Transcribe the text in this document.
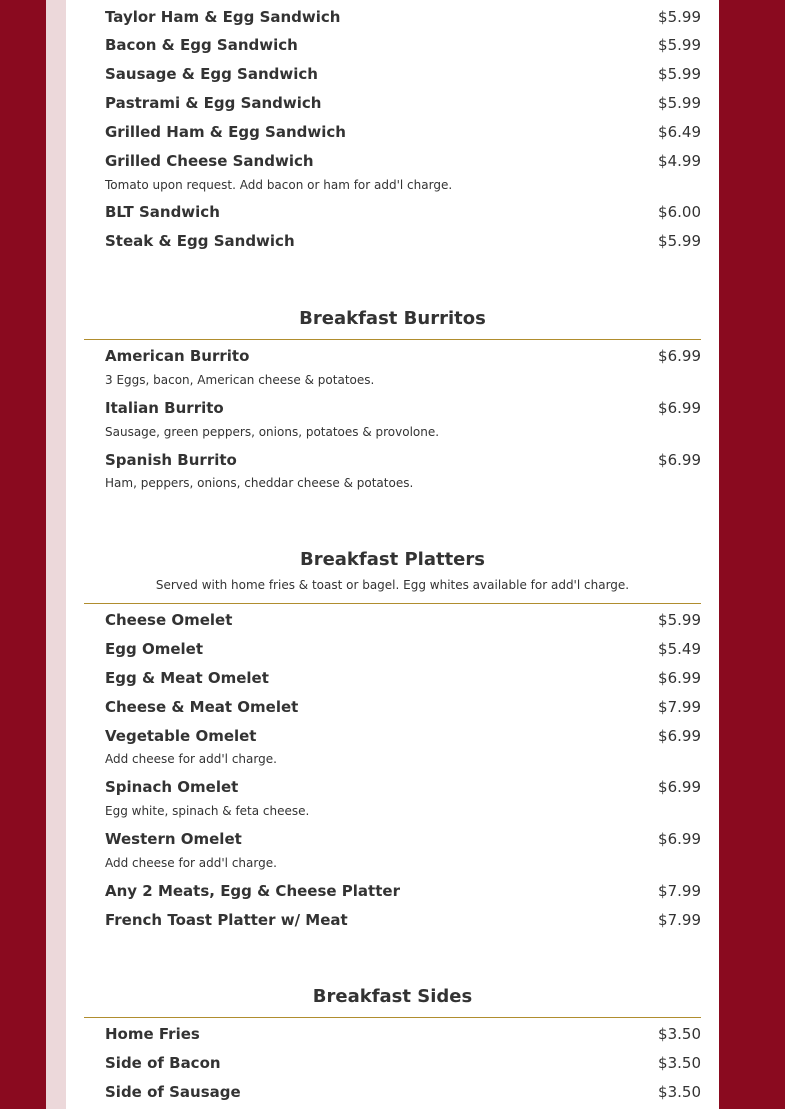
Taylor Ham & Egg Sandwich	$5.99
Bacon & Egg Sandwich	$5.99
Sausage & Egg Sandwich	$5.99
Pastrami & Egg Sandwich	$5.99
Grilled Ham & Egg Sandwich	$6.49
Grilled Cheese Sandwich	$4.99
Tomato upon request. Add bacon or ham for add'l charge.
BLT Sandwich	$6.00
Steak & Egg Sandwich	$5.99
Breakfast Burritos
American Burrito	$6.99
3 Eggs, bacon, American cheese & potatoes.
Italian Burrito	$6.99
Sausage, green peppers, onions, potatoes & provolone.
Spanish Burrito	$6.99
Ham, peppers, onions, cheddar cheese & potatoes.
Breakfast Platters
Served with home fries & toast or bagel. Egg whites available for add'l charge.
Cheese Omelet	$5.99
Egg Omelet	$5.49
Egg & Meat Omelet	$6.99
Cheese & Meat Omelet	$7.99
Vegetable Omelet	$6.99
Add cheese for add'l charge.
Spinach Omelet	$6.99
Egg white, spinach & feta cheese.
Western Omelet	$6.99
Add cheese for add'l charge.
Any 2 Meats, Egg & Cheese Platter	$7.99
French Toast Platter w/ Meat	$7.99
Breakfast Sides
Home Fries	$3.50
Side of Bacon	$3.50
Side of Sausage	$3.50
